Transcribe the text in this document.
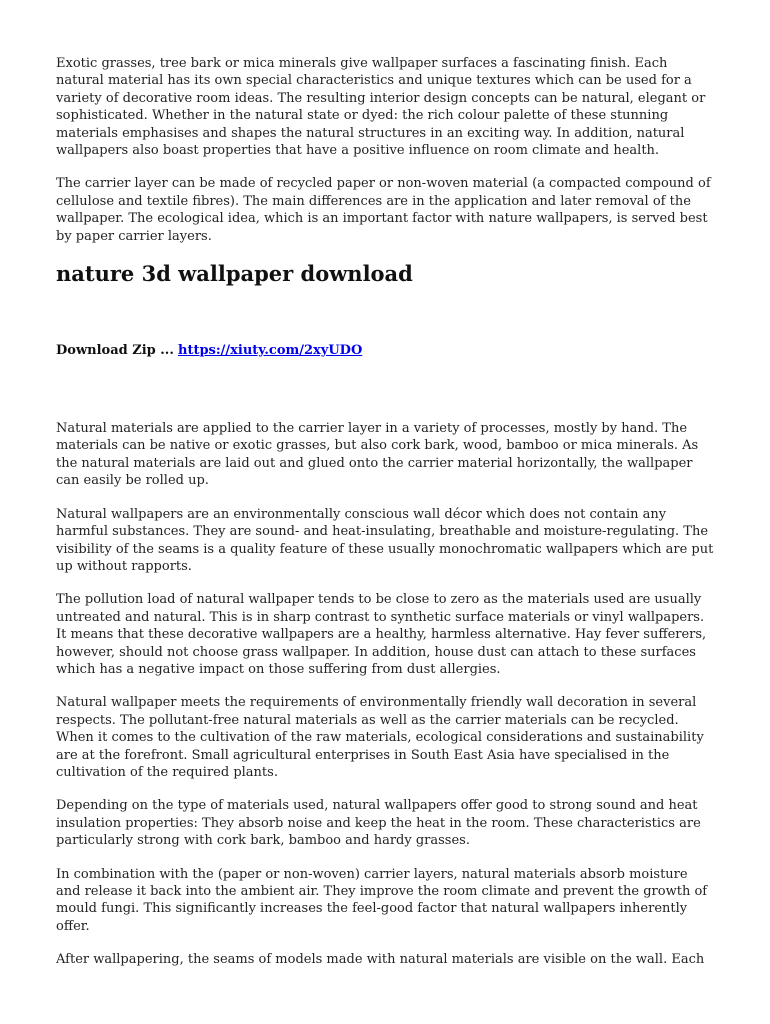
Exotic grasses, tree bark or mica minerals give wallpaper surfaces a fascinating finish. Each natural material has its own special characteristics and unique textures which can be used for a variety of decorative room ideas. The resulting interior design concepts can be natural, elegant or sophisticated. Whether in the natural state or dyed: the rich colour palette of these stunning materials emphasises and shapes the natural structures in an exciting way. In addition, natural wallpapers also boast properties that have a positive influence on room climate and health.

The carrier layer can be made of recycled paper or non-woven material (a compacted compound of cellulose and textile fibres). The main differences are in the application and later removal of the wallpaper. The ecological idea, which is an important factor with nature wallpapers, is served best by paper carrier layers.

nature 3d wallpaper download
Download Zip ... https://xiuty.com/2xyUDO

Natural materials are applied to the carrier layer in a variety of processes, mostly by hand. The materials can be native or exotic grasses, but also cork bark, wood, bamboo or mica minerals. As the natural materials are laid out and glued onto the carrier material horizontally, the wallpaper can easily be rolled up.

Natural wallpapers are an environmentally conscious wall décor which does not contain any harmful substances. They are sound- and heat-insulating, breathable and moisture-regulating. The visibility of the seams is a quality feature of these usually monochromatic wallpapers which are put up without rapports.

The pollution load of natural wallpaper tends to be close to zero as the materials used are usually untreated and natural. This is in sharp contrast to synthetic surface materials or vinyl wallpapers. It means that these decorative wallpapers are a healthy, harmless alternative. Hay fever sufferers, however, should not choose grass wallpaper. In addition, house dust can attach to these surfaces which has a negative impact on those suffering from dust allergies.

Natural wallpaper meets the requirements of environmentally friendly wall decoration in several respects. The pollutant-free natural materials as well as the carrier materials can be recycled. When it comes to the cultivation of the raw materials, ecological considerations and sustainability are at the forefront. Small agricultural enterprises in South East Asia have specialised in the cultivation of the required plants.

Depending on the type of materials used, natural wallpapers offer good to strong sound and heat insulation properties: They absorb noise and keep the heat in the room. These characteristics are particularly strong with cork bark, bamboo and hardy grasses.

In combination with the (paper or non-woven) carrier layers, natural materials absorb moisture and release it back into the ambient air. They improve the room climate and prevent the growth of mould fungi. This significantly increases the feel-good factor that natural wallpapers inherently offer.

After wallpapering, the seams of models made with natural materials are visible on the wall. Each
